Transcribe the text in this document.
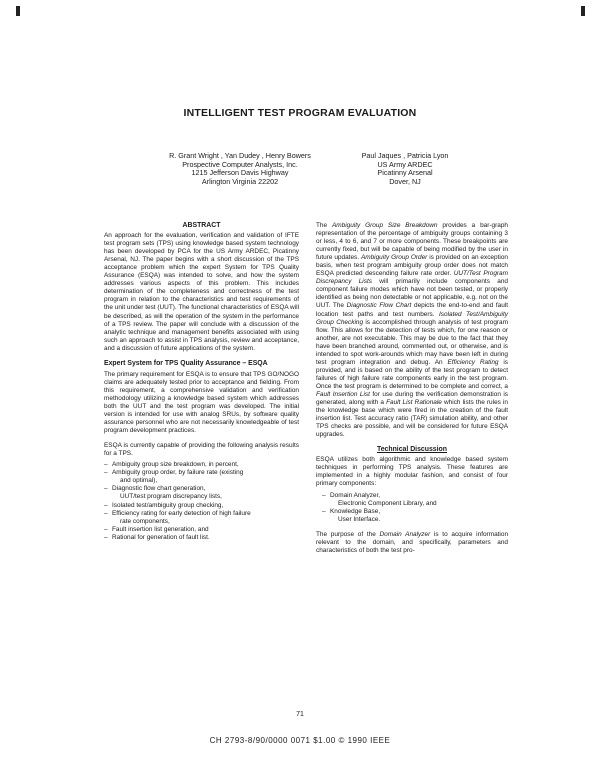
INTELLIGENT TEST PROGRAM EVALUATION
R. Grant Wright , Yan Dudey , Henry Bowers
Prospective Computer Analysts, Inc.
1215 Jefferson Davis Highway
Arlington Virginia 22202
Paul Jaques , Patricia Lyon
US Army ARDEC
Picatinny Arsenal
Dover, NJ
ABSTRACT

An approach for the evaluation, verification and validation of IFTE test program sets (TPS) using knowledge based system technology has been developed by PCA for the US Army ARDEC, Picatinny Arsenal, NJ. The paper begins with a short discussion of the TPS acceptance problem which the expert System for TPS Quality Assurance (ESQA) was intended to solve, and how the system addresses various aspects of this problem. This includes determination of the completeness and correctness of the test program in relation to the characteristics and test requirements of the unit under test (UUT). The functional characteristics of ESQA will be described, as will the operation of the system in the performance of a TPS review. The paper will conclude with a discussion of the analytic technique and management benefits associated with using such an approach to assist in TPS analysis, review and acceptance, and a discussion of future applications of the system.

Expert System for TPS Quality Assurance – ESQA

The primary requirement for ESQA is to ensure that TPS GO/NOGO claims are adequately tested prior to acceptance and fielding. From this requirement, a comprehensive validation and verification methodology utilizing a knowledge based system which addresses both the UUT and the test program was developed. The initial version is intended for use with analog SRUs, by software quality assurance personnel who are not necessarily knowledgeable of test program development practices.

ESQA is currently capable of providing the following analysis results for a TPS.

– Ambiguity group size breakdown, in percent,
– Ambiguity group order, by failure rate (existing
and optimal),
– Diagnostic flow chart generation,
UUT/test program discrepancy lists,
– Isolated test/ambiguity group checking,
– Efficiency rating for early detection of high failure
rate components,
– Fault insertion list generation, and
– Rational for generation of fault list.

The Ambiguity Group Size Breakdown provides a bar-graph representation of the percentage of ambiguity groups containing 3 or less, 4 to 6, and 7 or more components. These breakpoints are currently fixed, but will be capable of being modified by the user in future updates. Ambiguity Group Order is provided on an exception basis, when test program ambiguity group order does not match ESQA predicted descending failure rate order. UUT/Test Program Discrepancy Lists will primarily include components and component failure modes which have not been tested, or properly identified as being non detectable or not applicable, e.g. not on the UUT. The Diagnostic Flow Chart depicts the end-to-end and fault location test paths and test numbers. Isolated Test/Ambiguity Group Checking is accomplished through analysis of test program flow. This allows for the detection of tests which, for one reason or another, are not executable. This may be due to the fact that they have been branched around, commented out, or otherwise, and is intended to spot work-arounds which may have been left in during test program integration and debug. An Efficiency Rating is provided, and is based on the ability of the test program to detect failures of high failure rate components early in the test program. Once the test program is determined to be complete and correct, a Fault Insertion List for use during the verification demonstration is generated, along with a Fault List Rationale which lists the rules in the knowledge base which were fired in the creation of the fault insertion list. Test accuracy ratio (TAR) simulation ability, and other TPS checks are possible, and will be considered for future ESQA upgrades.

Technical Discussion

ESQA utilizes both algorithmic and knowledge based system techniques in performing TPS analysis. These features are implemented in a highly modular fashion, and consist of four primary components:

– Domain Analyzer,
Electronic Component Library, and
– Knowledge Base,
User Interface.

The purpose of the Domain Analyzer is to acquire information relevant to the domain, and specifically, parameters and characteristics of both the test pro-

71
CH 2793-8/90/0000 0071 $1.00 © 1990 IEEE
